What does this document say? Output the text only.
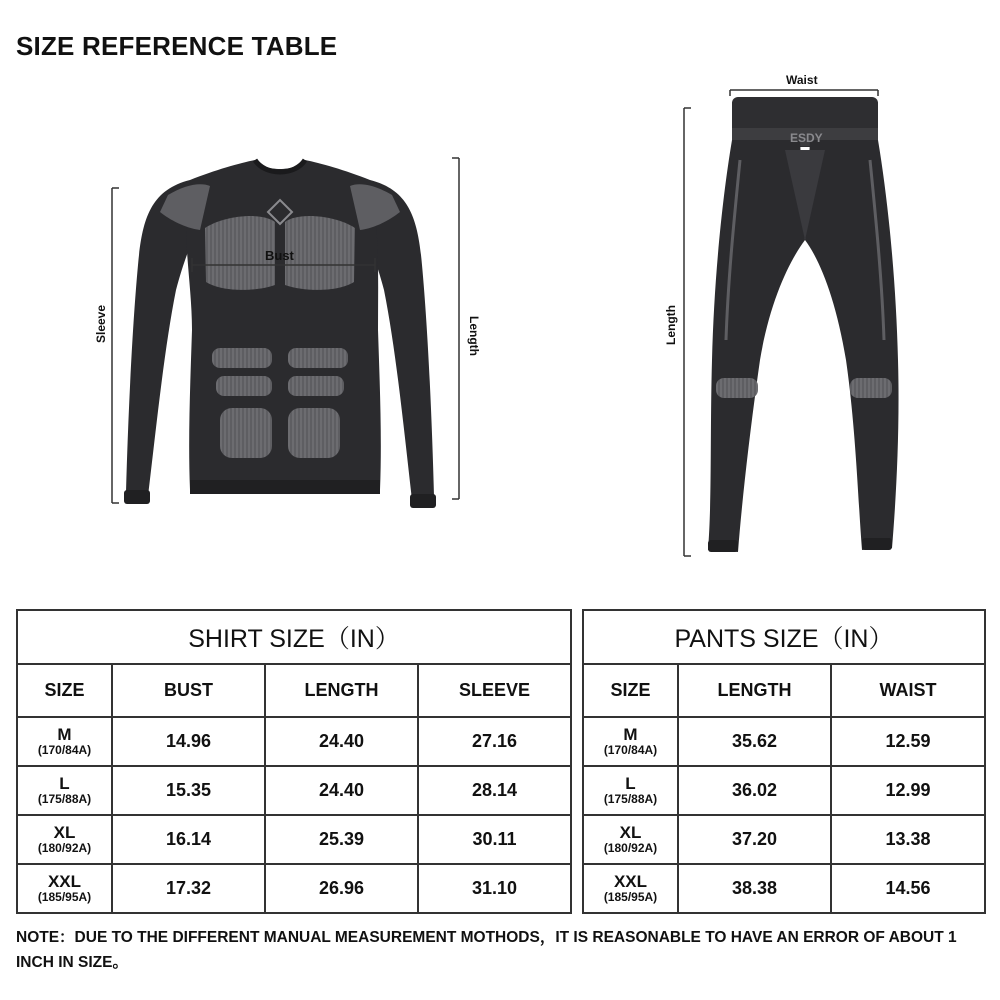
SIZE REFERENCE TABLE
ESDY
Bust
Sleeve	Length
Waist
Length
SHIRT SIZE（IN）			
SIZE	BUST	LENGTH	SLEEVE

M
(170/84A)	14.96	24.40	27.16

L
(175/88A)	15.35	24.40	28.14

XL
(180/92A)	16.14	25.39	30.11

XXL
(185/95A)	17.32	26.96	31.10
PANTS SIZE（IN）		
SIZE	LENGTH	WAIST

M
(170/84A)	35.62	12.59

L
(175/88A)	36.02	12.99

XL
(180/92A)	37.20	13.38

XXL
(185/95A)	38.38	14.56
NOTE：DUE TO THE DIFFERENT MANUAL MEASUREMENT MOTHODS，IT IS REASONABLE TO HAVE AN ERROR OF ABOUT 1 INCH IN SIZE。
